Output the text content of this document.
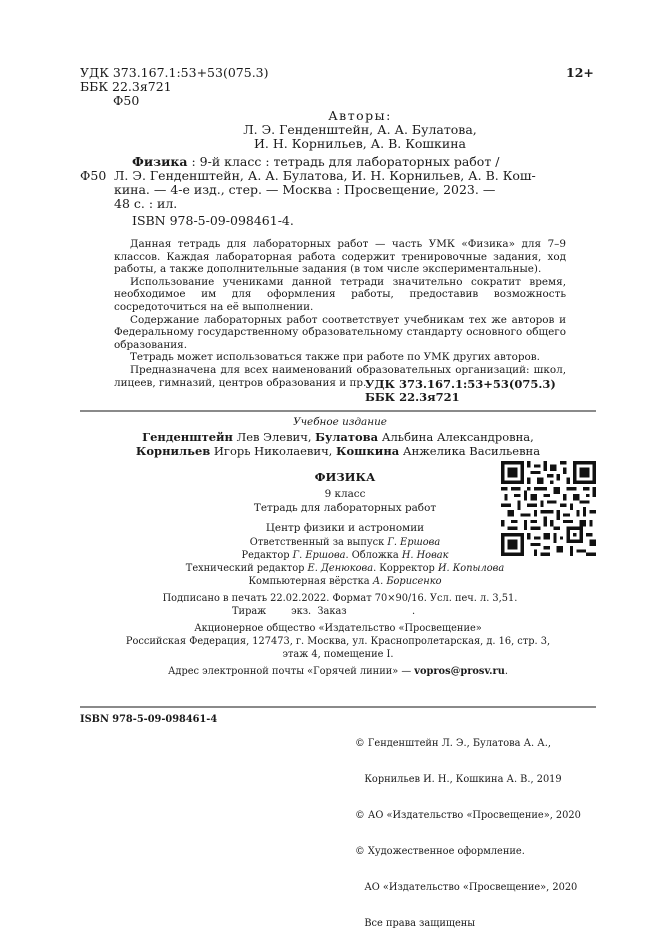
УДК 373.167.1:53+53(075.3)
ББК 22.3я721
Ф50
12+
Авторы:
Л. Э. Генденштейн, А. А. Булатова,
И. Н. Корнильев, А. В. Кошкина
Физика : 9-й класс : тетрадь для лабораторных работ /
Ф50 Л. Э. Генденштейн, А. А. Булатова, И. Н. Корнильев, А. В. Кош-
кина. — 4-е изд., стер. — Москва : Просвещение, 2023. —
48 с. : ил.
ISBN 978-5-09-098461-4.

Данная тетрадь для лабораторных работ — часть УМК «Физика» для 7–9 классов. Каждая лабораторная работа содержит тренировочные задания, ход работы, а также дополнительные задания (в том числе экспериментальные).

Использование учениками данной тетради значительно сократит время, необходимое им для оформления работы, предоставив возможность сосредоточиться на её выполнении.

Содержание лабораторных работ соответствует учебникам тех же авторов и Федеральному государственному образовательному стандарту основного общего образования.

Тетрадь может использоваться также при работе по УМК других авторов.

Предназначена для всех наименований образовательных организаций: школ, лицеев, гимназий, центров образования и пр.

УДК 373.167.1:53+53(075.3)
ББК 22.3я721
Учебное издание
Генденштейн Лев Элевич, Булатова Альбина Александровна,
Корнильев Игорь Николаевич, Кошкина Анжелика Васильевна
ФИЗИКА
9 класс
Тетрадь для лабораторных работ
Центр физики и астрономии
Ответственный за выпуск Г. Ершова
Редактор Г. Ершова. Обложка Н. Новак
Технический редактор Е. Денюкова. Корректор И. Копылова
Компьютерная вёрстка А. Борисенко
Подписано в печать 22.02.2022. Формат 70×90/16. Усл. печ. л. 3,51.
Тираж        экз.  Заказ                     .
Акционерное общество «Издательство «Просвещение»
Российская Федерация, 127473, г. Москва, ул. Краснопролетарская, д. 16, стр. 3,
этаж 4, помещение I.
Адрес электронной почты «Горячей линии» — vopros@prosv.ru.
ISBN 978-5-09-098461-4

© Генденштейн Л. Э., Булатова А. А.,

Корнильев И. Н., Кошкина А. В., 2019

© АО «Издательство «Просвещение», 2020

© Художественное оформление.

АО «Издательство «Просвещение», 2020

Все права защищены
